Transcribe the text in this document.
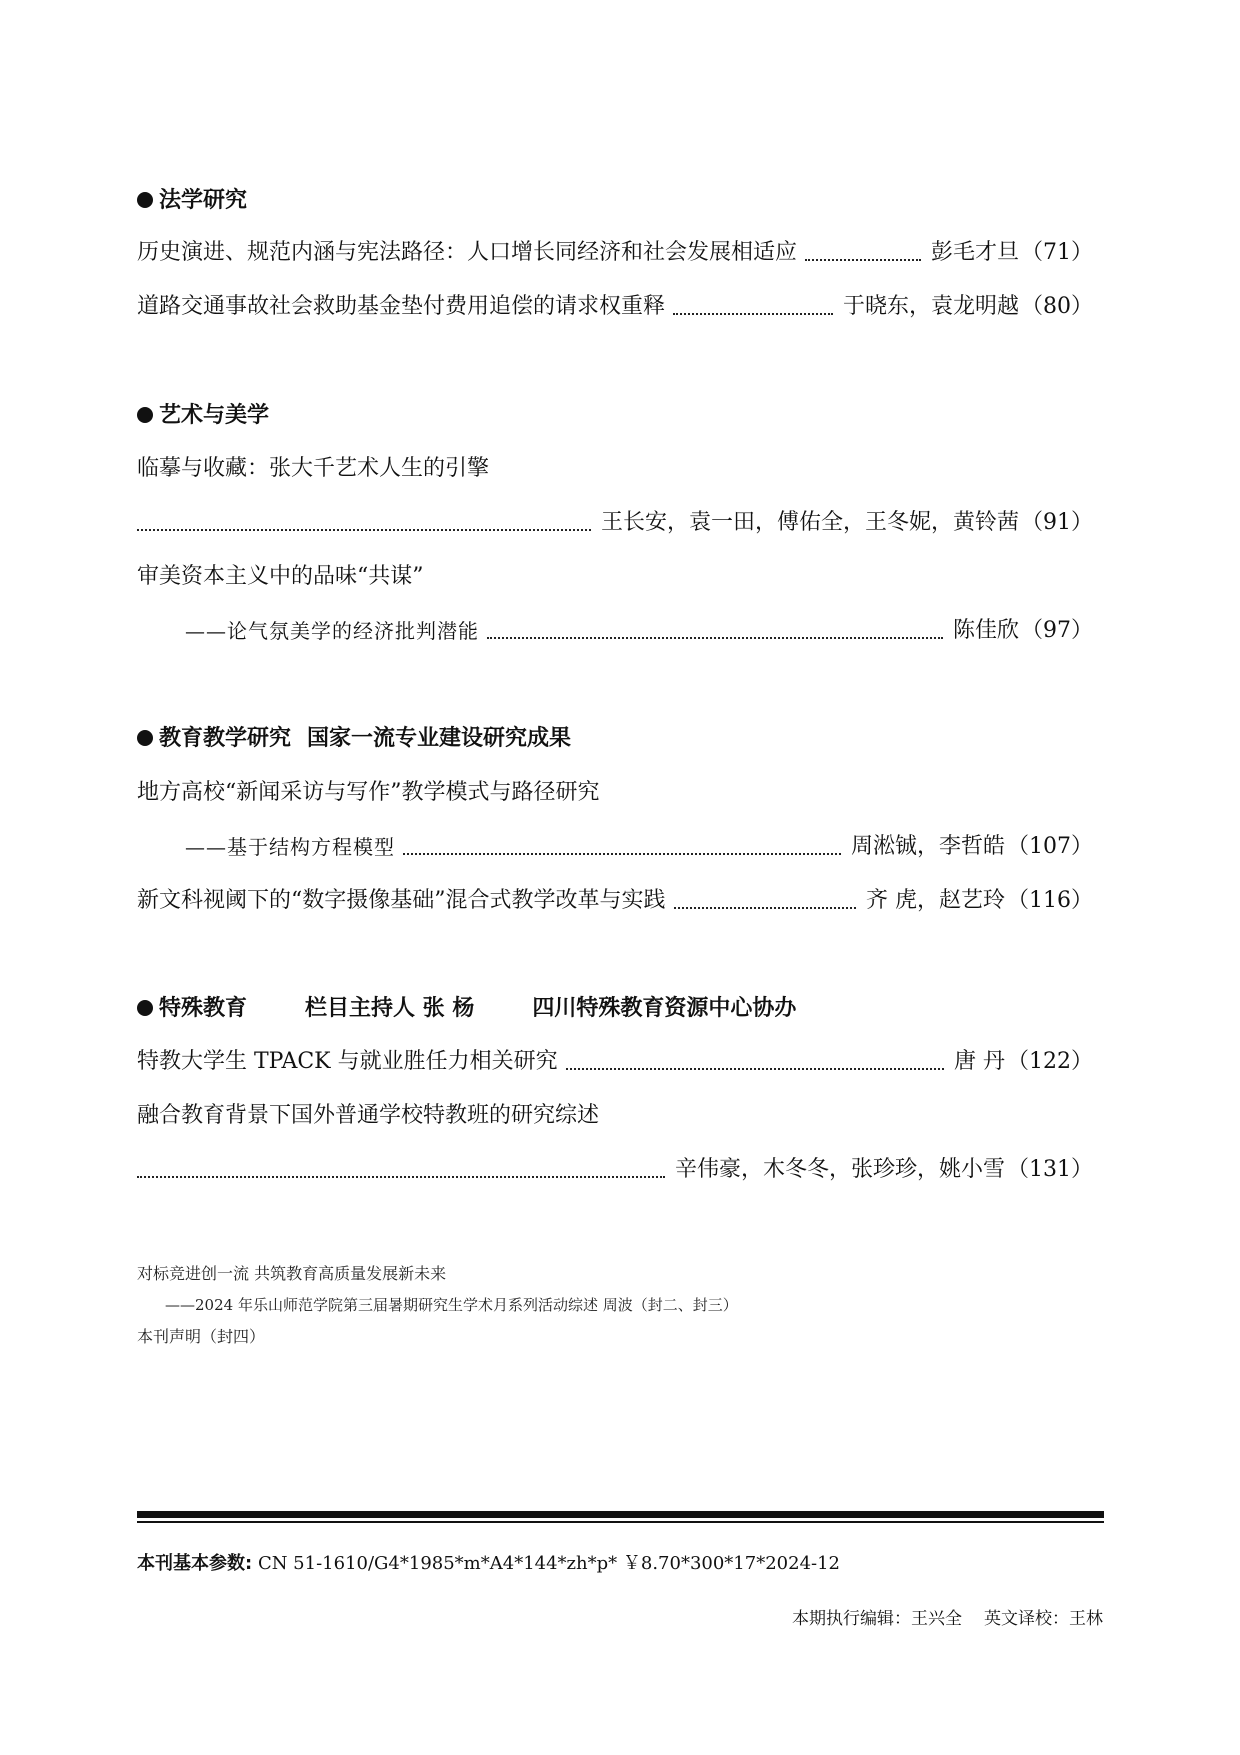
法学研究
历史演进、规范内涵与宪法路径：人口增长同经济和社会发展相适应	彭毛才旦 （71）
道路交通事故社会救助基金垫付费用追偿的请求权重释	于晓东，袁龙明越 （80）
艺术与美学
临摹与收藏：张大千艺术人生的引擎
王长安，袁一田，傅佑全，王冬妮，黄铃茜 （91）
审美资本主义中的品味“共谋”
——论气氛美学的经济批判潜能	陈佳欣 （97）
教育教学研究 国家一流专业建设研究成果
地方高校“新闻采访与写作”教学模式与路径研究
——基于结构方程模型	周淞铖，李哲皓 （107）
新文科视阈下的“数字摄像基础”混合式教学改革与实践	齐 虎，赵艺玲 （116）
特殊教育	栏目主持人 张 杨	四川特殊教育资源中心协办
特教大学生 TPACK 与就业胜任力相关研究	唐 丹 （122）
融合教育背景下国外普通学校特教班的研究综述
辛伟豪，木冬冬，张珍珍，姚小雪 （131）
对标竞进创一流 共筑教育高质量发展新未来
——2024 年乐山师范学院第三届暑期研究生学术月系列活动综述 周波（封二、封三）
本刊声明（封四）
本刊基本参数: CN 51-1610/G4*1985*m*A4*144*zh*p* ￥8.70*300*17*2024-12
本期执行编辑：王兴全 英文译校：王林
